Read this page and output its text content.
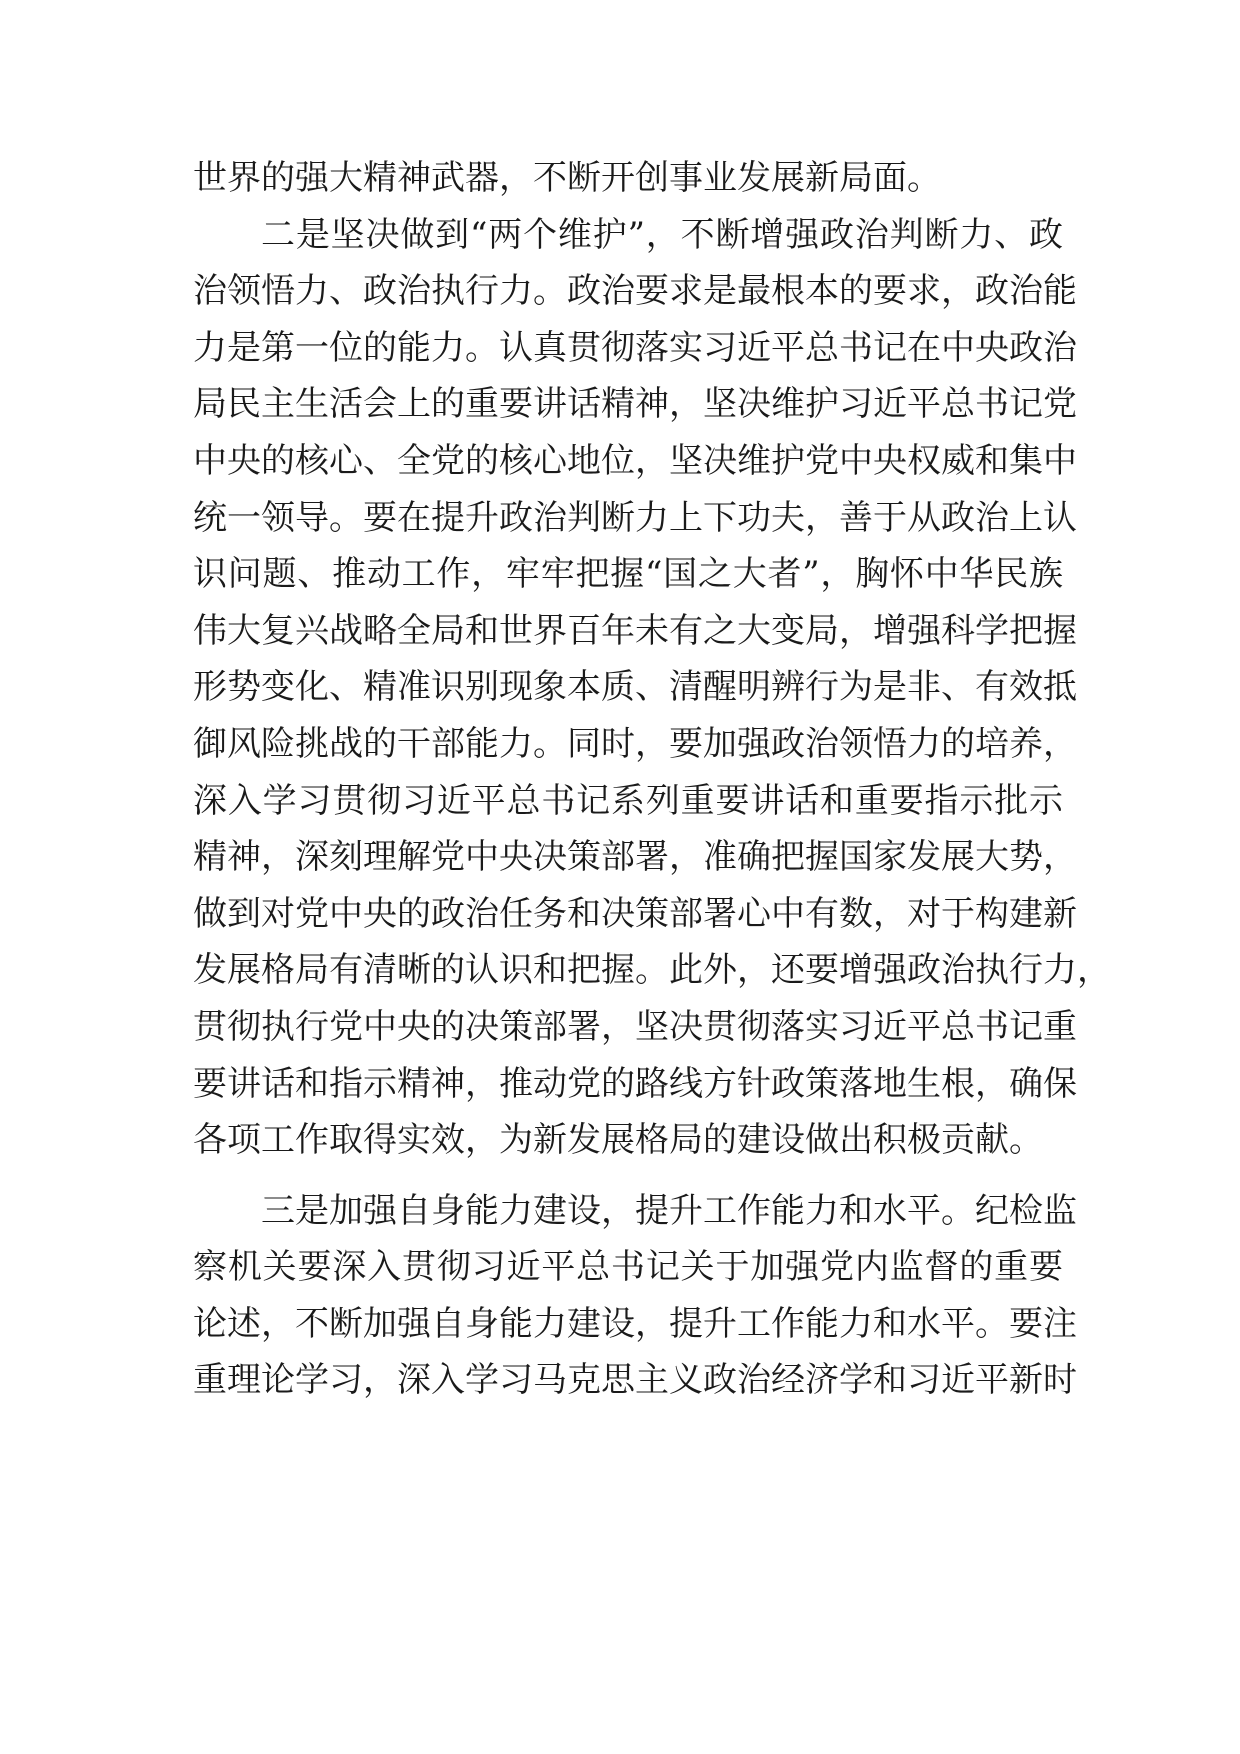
世界的强大精神武器，不断开创事业发展新局面。
二是坚决做到“两个维护”，不断增强政治判断力、政
治领悟力、政治执行力。政治要求是最根本的要求，政治能
力是第一位的能力。认真贯彻落实习近平总书记在中央政治
局民主生活会上的重要讲话精神，坚决维护习近平总书记党
中央的核心、全党的核心地位，坚决维护党中央权威和集中
统一领导。要在提升政治判断力上下功夫，善于从政治上认
识问题、推动工作，牢牢把握“国之大者”，胸怀中华民族
伟大复兴战略全局和世界百年未有之大变局，增强科学把握
形势变化、精准识别现象本质、清醒明辨行为是非、有效抵
御风险挑战的干部能力。同时，要加强政治领悟力的培养，
深入学习贯彻习近平总书记系列重要讲话和重要指示批示
精神，深刻理解党中央决策部署，准确把握国家发展大势，
做到对党中央的政治任务和决策部署心中有数，对于构建新
发展格局有清晰的认识和把握。此外，还要增强政治执行力，
贯彻执行党中央的决策部署，坚决贯彻落实习近平总书记重
要讲话和指示精神，推动党的路线方针政策落地生根，确保
各项工作取得实效，为新发展格局的建设做出积极贡献。
三是加强自身能力建设，提升工作能力和水平。纪检监
察机关要深入贯彻习近平总书记关于加强党内监督的重要
论述，不断加强自身能力建设，提升工作能力和水平。要注
重理论学习，深入学习马克思主义政治经济学和习近平新时
